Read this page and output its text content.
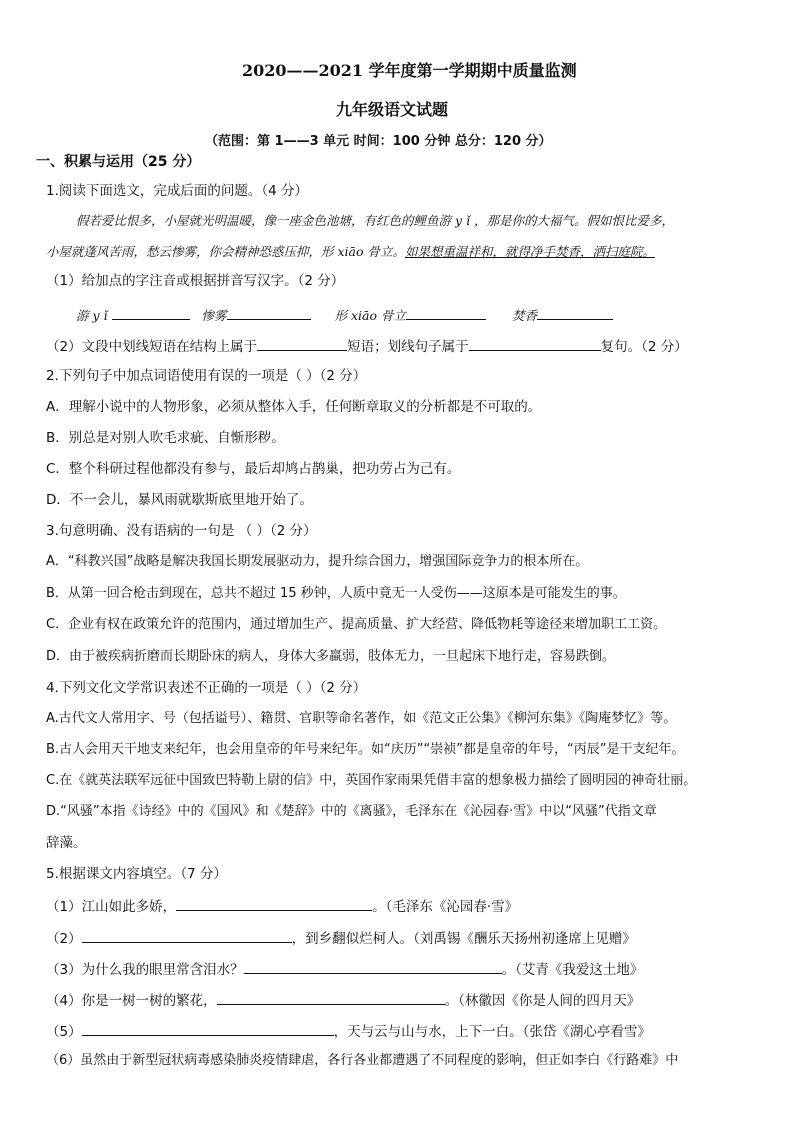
2020——2021 学年度第一学期期中质量监测
九年级语文试题
（范围：第 1——3 单元 时间：100 分钟 总分：120 分）
一、积累与运用（25 分）
1.阅读下面选文，完成后面的问题。（4 分）
假若爱比恨多，小屋就光明温暖，像一座金色池塘，有红色的鲤鱼游 y ǐ ，那是你的大福气。假如恨比爱多，
小屋就蓬风苦雨，愁云惨雾，你会精神恐惑压抑，形 xiāo 骨立。如果想重温祥和，就得净手焚香，洒扫庭院。
（1）给加点的字注音或根据拼音写汉字。（2 分）
游 y ǐ	惨雾	形 xiāo 骨立	焚香
（2）文段中划线短语在结构上属于	短语；划线句子属于	复句。（2 分）
2.下列句子中加点词语使用有误的一项是（ ）（2 分）
A．理解小说中的人物形象，必须从整体入手，任何断章取义的分析都是不可取的。
B．别总是对别人吹毛求疵、自惭形秽。
C．整个科研过程他都没有参与，最后却鸠占鹊巢，把功劳占为己有。
D．不一会儿，暴风雨就歇斯底里地开始了。
3.句意明确、没有语病的一句是 （ ）（2 分）
A．“科教兴国”战略是解决我国长期发展驱动力，提升综合国力，增强国际竞争力的根本所在。
B．从第一回合枪击到现在，总共不超过 15 秒钟，人质中竟无一人受伤——这原本是可能发生的事。
C．企业有权在政策允许的范围内，通过增加生产、提高质量、扩大经营、降低物耗等途径来增加职工工资。
D．由于被疾病折磨而长期卧床的病人，身体大多羸弱，肢体无力，一旦起床下地行走，容易跌倒。
4.下列文化文学常识表述不正确的一项是（ ）（2 分）
A.古代文人常用字、号（包括谥号）、籍贯、官职等命名著作，如《范文正公集》《柳河东集》《陶庵梦忆》等。
B.古人会用天干地支来纪年，也会用皇帝的年号来纪年。如“庆历”“崇祯”都是皇帝的年号，“丙辰”是干支纪年。
C.在《就英法联军远征中国致巴特勒上尉的信》中，英国作家雨果凭借丰富的想象极力描绘了圆明园的神奇壮丽。
D.“风骚”本指《诗经》中的《国风》和《楚辞》中的《离骚》，毛泽东在《沁园春·雪》中以“风骚”代指文章
辞藻。
5.根据课文内容填空。（7 分）
（1）江山如此多娇，	。（毛泽东《沁园春·雪》
（2）	，到乡翻似烂柯人。（刘禹锡《酬乐天扬州初逢席上见赠》
（3）为什么我的眼里常含泪水？	。（艾青《我爱这土地》
（4）你是一树一树的繁花，	。（林徽因《你是人间的四月天》
（5）	，天与云与山与水，上下一白。（张岱《湖心亭看雪》
（6）虽然由于新型冠状病毒感染肺炎疫情肆虐，各行各业都遭遇了不同程度的影响，但正如李白《行路难》中
